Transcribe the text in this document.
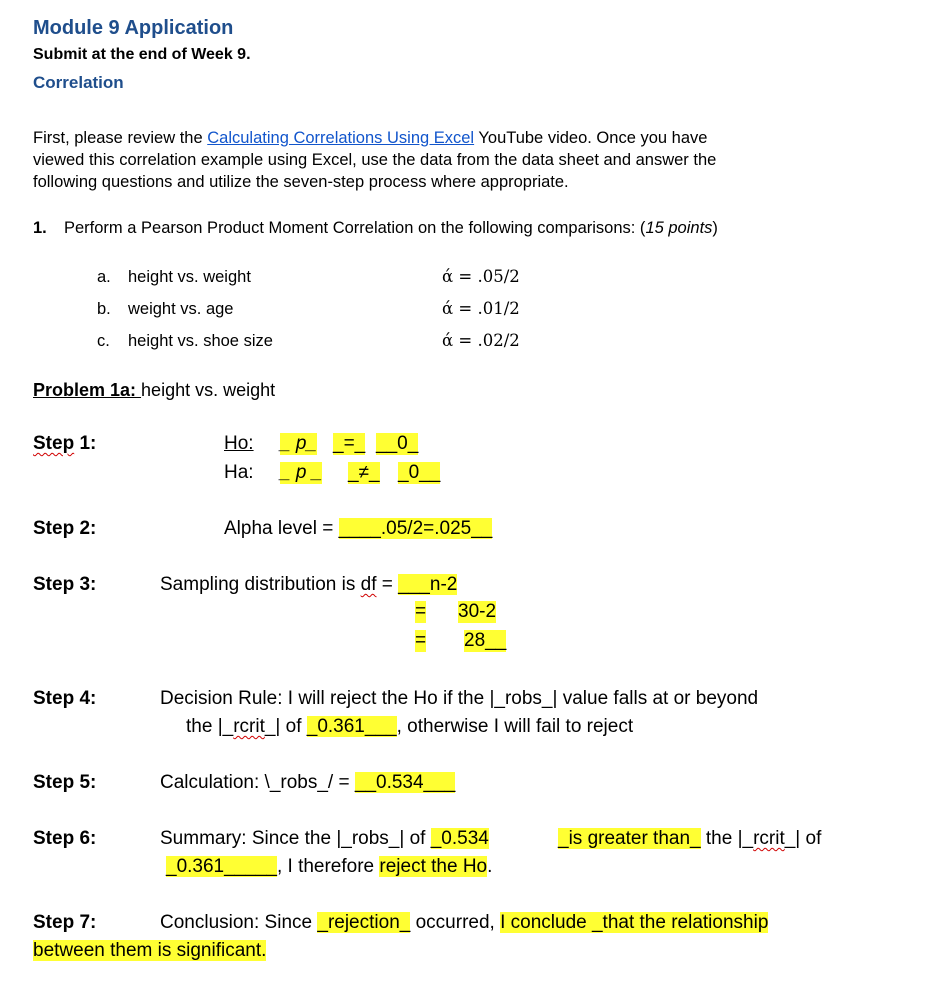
Module 9 Application
Submit at the end of Week 9.
Correlation
First, please review the Calculating Correlations Using Excel YouTube video. Once you have
viewed this correlation example using Excel, use the data from the data sheet and answer the
following questions and utilize the seven-step process where appropriate.
1. Perform a Pearson Product Moment Correlation on the following comparisons: (15 points)
a. height vs. weight	ά = .05/2
b. weight vs. age	ά = .01/2
c. height vs. shoe size	ά = .02/2
Problem 1a: height vs. weight
Step 1:	Ho: _ p_ _=_ __0_
Ha: _ p _ _≠_ _0__
Step 2:	Alpha level = ____.05/2=.025__
Step 3:	Sampling distribution is df = ___n-2
= 30-2
= 28__
Step 4:	Decision Rule: I will reject the Ho if the |_robs_| value falls at or beyond
the |_rcrit_| of _0.361___, otherwise I will fail to reject
Step 5:	Calculation: \_robs_/ = __0.534___
Step 6:	Summary: Since the |_robs_| of _0.534	_is greater than_ the |_rcrit_| of
_0.361_____, I therefore reject the Ho.
Step 7:	Conclusion: Since _rejection_ occurred, I conclude _that the relationship
between them is significant.
